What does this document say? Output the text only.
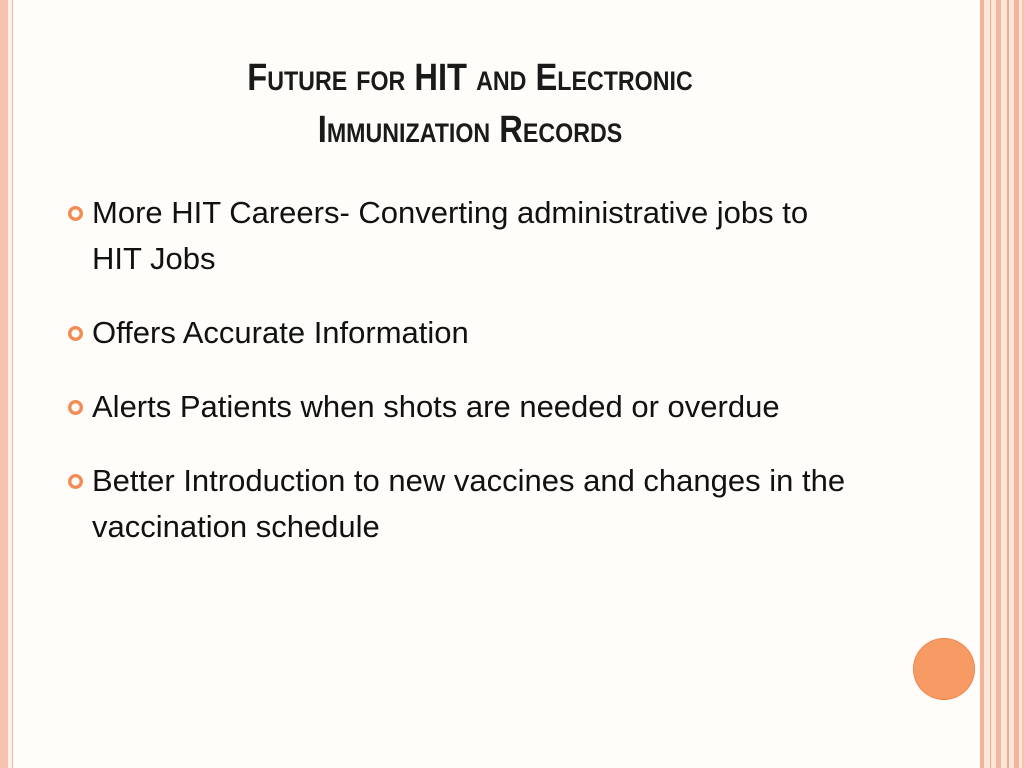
Future for HIT and Electronic
Immunization Records
More HIT Careers- Converting administrative jobs to HIT Jobs
Offers Accurate Information
Alerts Patients when shots are needed or overdue
Better Introduction to new vaccines and changes in the vaccination schedule
